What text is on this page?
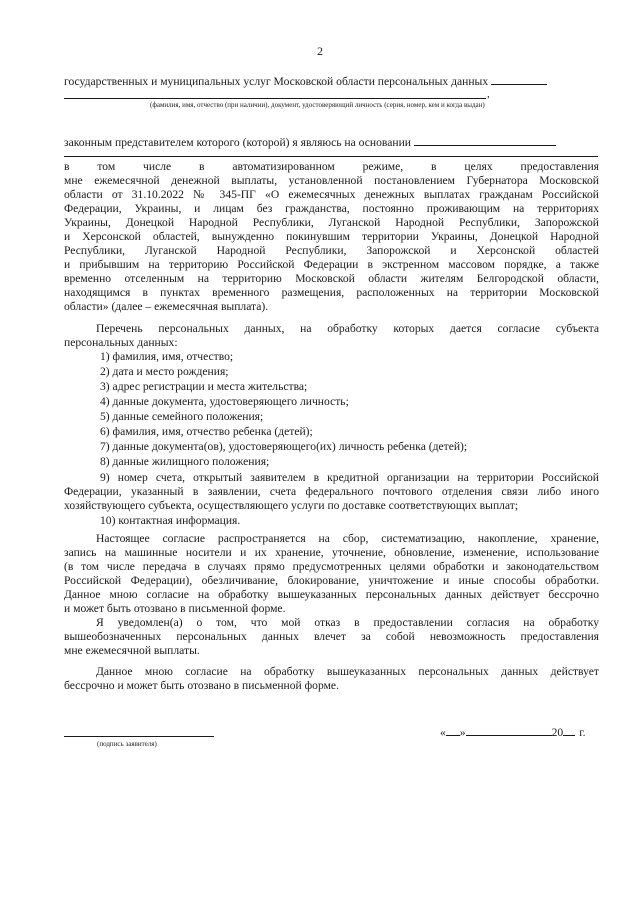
2
государственных и муниципальных услуг Московской области персональных данных
,
(фамилия, имя, отчество (при наличии), документ, удостоверяющий личность (серия, номер, кем и когда выдан)
законным представителем которого (которой) я являюсь на основании
в том числе в автоматизированном режиме, в целях предоставления
мне ежемесячной денежной выплаты, установленной постановлением Губернатора Московской
области от 31.10.2022 № 345-ПГ «О ежемесячных денежных выплатах гражданам Российской
Федерации, Украины, и лицам без гражданства, постоянно проживающим на территориях
Украины, Донецкой Народной Республики, Луганской Народной Республики, Запорожской
и Херсонской областей, вынужденно покинувшим территории Украины, Донецкой Народной
Республики, Луганской Народной Республики, Запорожской и Херсонской областей
и прибывшим на территорию Российской Федерации в экстренном массовом порядке, а также
временно отселенным на территорию Московской области жителям Белгородской области,
находящимся в пунктах временного размещения, расположенных на территории Московской
области» (далее – ежемесячная выплата).
Перечень персональных данных, на обработку которых дается согласие субъекта
персональных данных:
1) фамилия, имя, отчество;
2) дата и место рождения;
3) адрес регистрации и места жительства;
4) данные документа, удостоверяющего личность;
5) данные семейного положения;
6) фамилия, имя, отчество ребенка (детей);
7) данные документа(ов), удостоверяющего(их) личность ребенка (детей);
8) данные жилищного положения;
9) номер счета, открытый заявителем в кредитной организации на территории Российской
Федерации, указанный в заявлении, счета федерального почтового отделения связи либо иного
хозяйствующего субъекта, осуществляющего услуги по доставке соответствующих выплат;
10) контактная информация.
Настоящее согласие распространяется на сбор, систематизацию, накопление, хранение,
запись на машинные носители и их хранение, уточнение, обновление, изменение, использование
(в том числе передача в случаях прямо предусмотренных целями обработки и законодательством
Российской Федерации), обезличивание, блокирование, уничтожение и иные способы обработки.
Данное мною согласие на обработку вышеуказанных персональных данных действует бессрочно
и может быть отозвано в письменной форме.
Я уведомлен(а) о том, что мой отказ в предоставлении согласия на обработку
вышеобозначенных персональных данных влечет за собой невозможность предоставления
мне ежемесячной выплаты.
Данное мною согласие на обработку вышеуказанных персональных данных действует
бессрочно и может быть отозвано в письменной форме.
(подпись заявителя)
« »	20 г.
